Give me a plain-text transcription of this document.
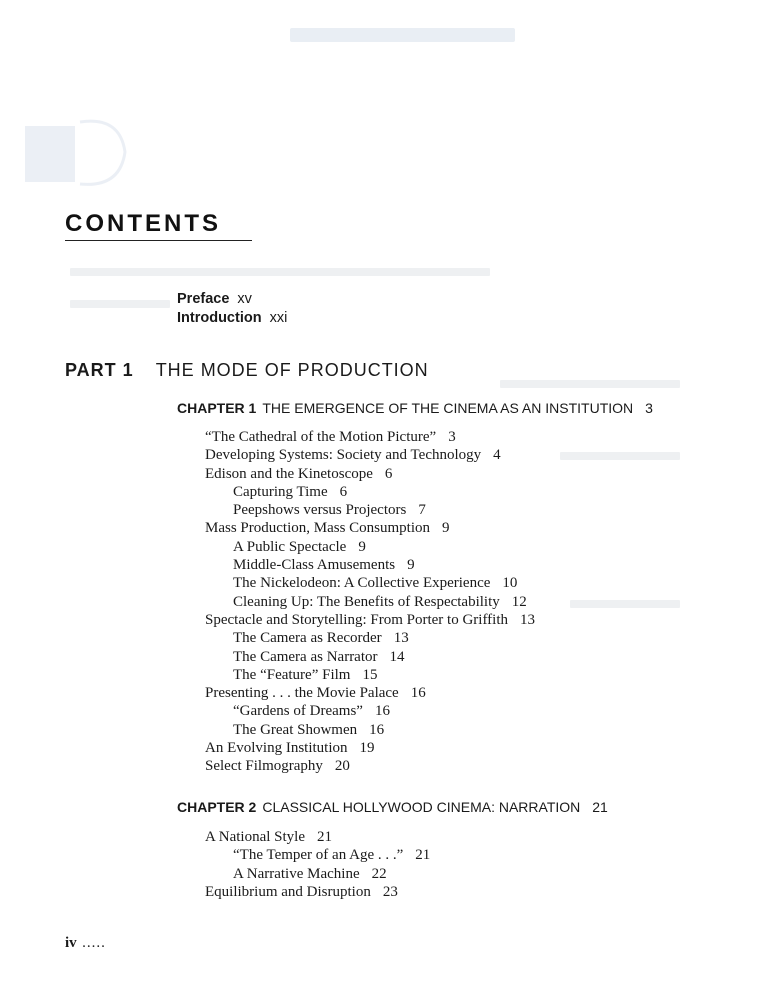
CONTENTS
Preface xv
Introduction xxi
PART 1 THE MODE OF PRODUCTION
CHAPTER 1 THE EMERGENCE OF THE CINEMA AS AN INSTITUTION 3
“The Cathedral of the Motion Picture” 3
Developing Systems: Society and Technology 4
Edison and the Kinetoscope 6
Capturing Time 6
Peepshows versus Projectors 7
Mass Production, Mass Consumption 9
A Public Spectacle 9
Middle-Class Amusements 9
The Nickelodeon: A Collective Experience 10
Cleaning Up: The Benefits of Respectability 12
Spectacle and Storytelling: From Porter to Griffith 13
The Camera as Recorder 13
The Camera as Narrator 14
The “Feature” Film 15
Presenting . . . the Movie Palace 16
“Gardens of Dreams” 16
The Great Showmen 16
An Evolving Institution 19
Select Filmography 20
CHAPTER 2 CLASSICAL HOLLYWOOD CINEMA: NARRATION 21
A National Style 21
“The Temper of an Age . . .” 21
A Narrative Machine 22
Equilibrium and Disruption 23
iv .....
